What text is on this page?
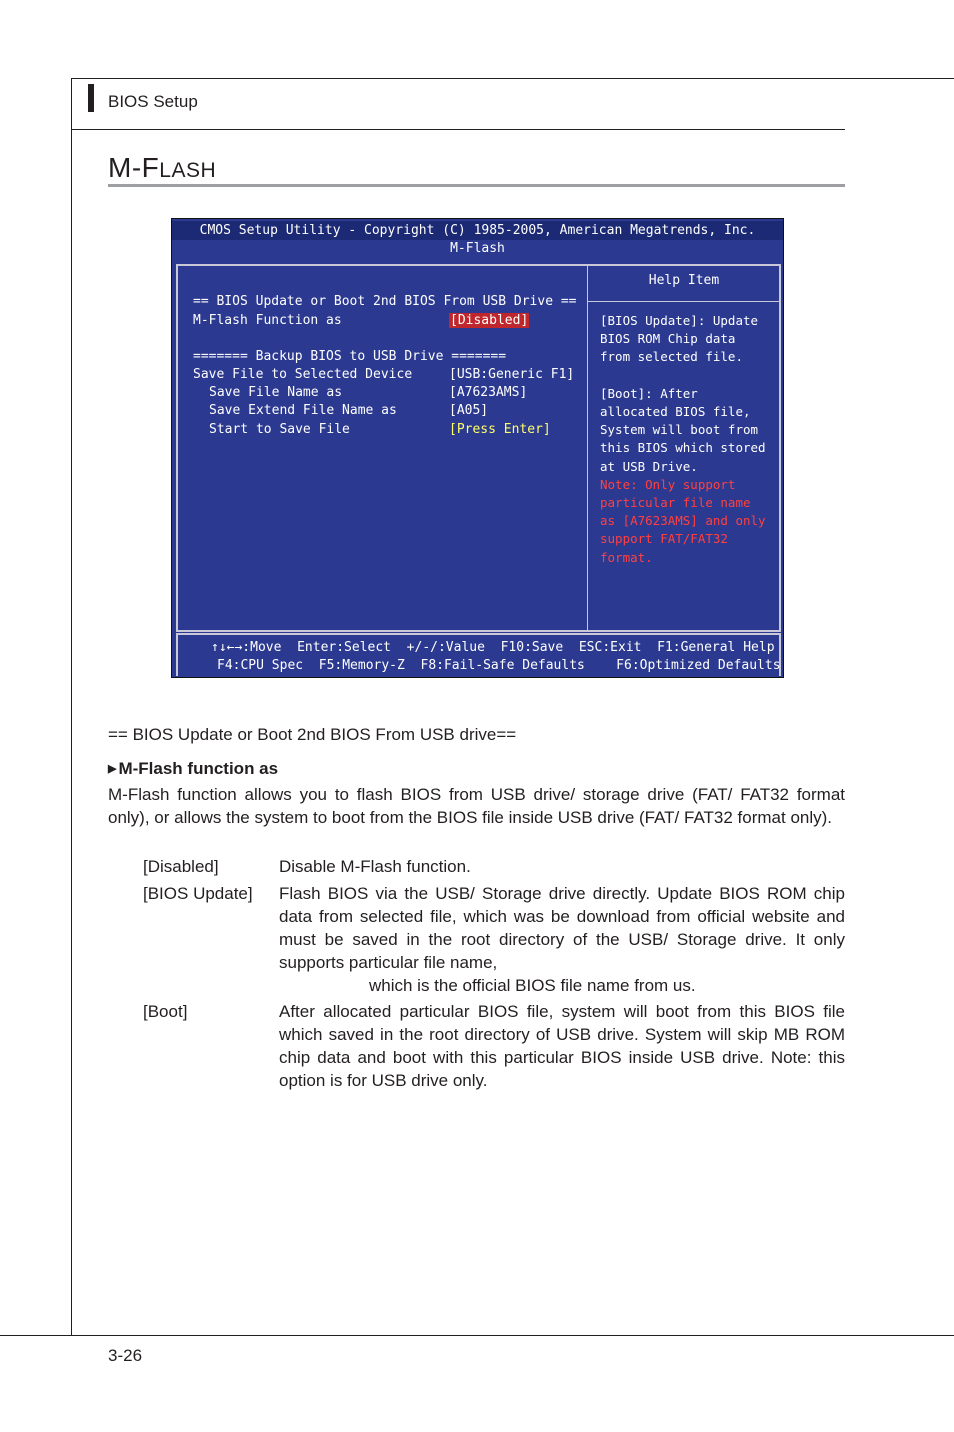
BIOS Setup
M-FLASH
CMOS Setup Utility - Copyright (C) 1985-2005, American Megatrends, Inc.
M-Flash
== BIOS Update or Boot 2nd BIOS From USB Drive ==
M-Flash Function as	[Disabled]
======= Backup BIOS to USB Drive =======
Save File to Selected Device	[USB:Generic F1]
Save File Name as	[A7623AMS]
Save Extend File Name as	[A05]
Start to Save File	[Press Enter]
Help Item
[BIOS Update]: Update
BIOS ROM Chip data
from selected file.

[Boot]: After
allocated BIOS file,
System will boot from
this BIOS which stored
at USB Drive.
Note: Only support
particular file name
as [A7623AMS] and only
support FAT/FAT32
format.
↑↓←→:Move  Enter:Select  +/-/:Value  F10:Save  ESC:Exit  F1:General Help
F4:CPU Spec  F5:Memory-Z  F8:Fail-Safe Defaults    F6:Optimized Defaults
== BIOS Update or Boot 2nd BIOS From USB drive==
▶ M-Flash function as
M-Flash function allows you to flash BIOS from USB drive/ storage drive (FAT/ FAT32 format only), or allows the system to boot from the BIOS file inside USB drive (FAT/ FAT32 format only).
[Disabled]	Disable M-Flash function.
[BIOS Update] Flash BIOS via the USB/ Storage drive directly. Update BIOS ROM chip data from selected file, which was be download from official website and must be saved in the root directory of the USB/ Storage drive. It only supports particular file name,
which is the official BIOS file name from us.
[Boot]	After allocated particular BIOS file, system will boot from this BIOS file which saved in the root directory of USB drive. System will skip MB ROM chip data and boot with this particular BIOS inside USB drive. Note: this option is for USB drive only.
3-26
